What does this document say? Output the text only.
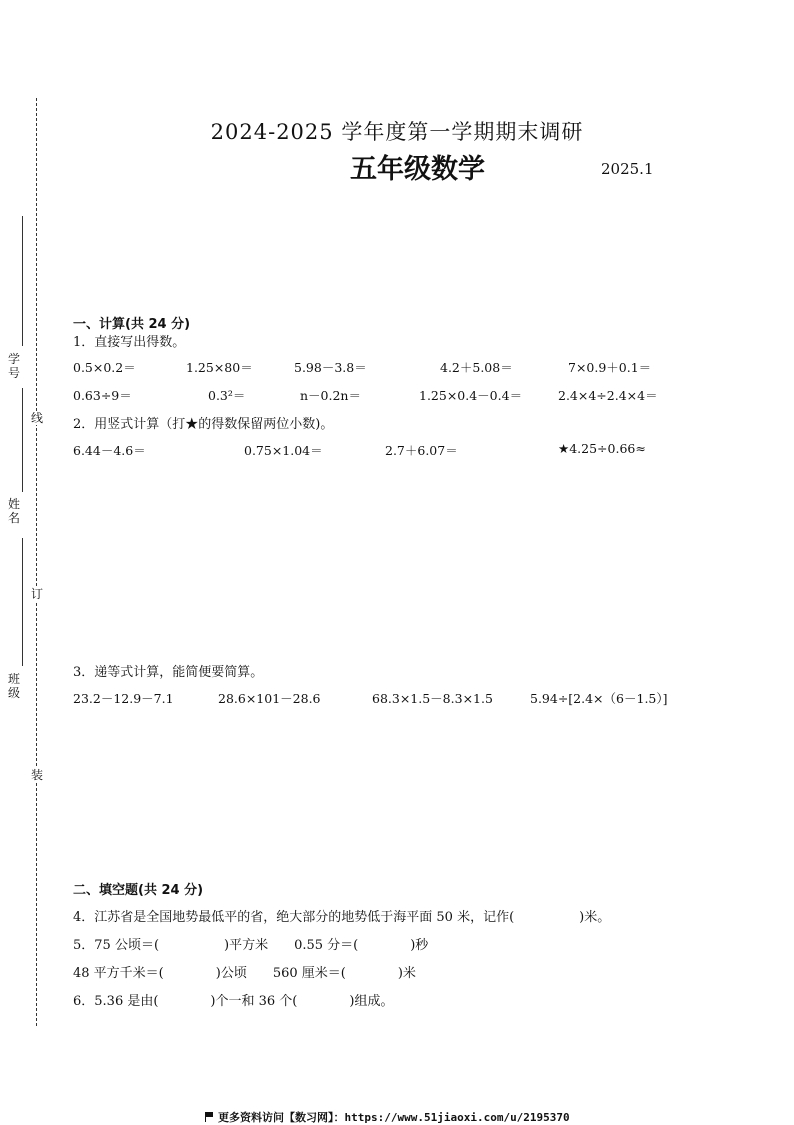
学号
姓名
班级
线
订
装
2024-2025 学年度第一学期期末调研
五年级数学	2025.1
一、计算(共 24 分)
1．直接写出得数。
0.5×0.2＝	1.25×80＝	5.98－3.8＝	4.2＋5.08＝	7×0.9＋0.1＝
0.63÷9＝	0.3²＝	n－0.2n＝	1.25×0.4－0.4＝	2.4×4÷2.4×4＝
2．用竖式计算（打★的得数保留两位小数)。
6.44－4.6＝	0.75×1.04＝	2.7＋6.07＝	★4.25÷0.66≈
3．递等式计算，能简便要简算。
23.2－12.9－7.1	28.6×101－28.6	68.3×1.5－8.3×1.5	5.94÷[2.4×（6－1.5）]
二、填空题(共 24 分)
4．江苏省是全国地势最低平的省，绝大部分的地势低于海平面 50 米，记作(　　　　　)米。
5．75 公顷＝(　　　　　)平方米　　0.55 分＝(　　　　)秒
48 平方千米＝(　　　　)公顷　　560 厘米＝(　　　　)米
6．5.36 是由(　　　　)个一和 36 个(　　　　)组成。
更多资料访问【数习网】：https://www.51jiaoxi.com/u/2195370
